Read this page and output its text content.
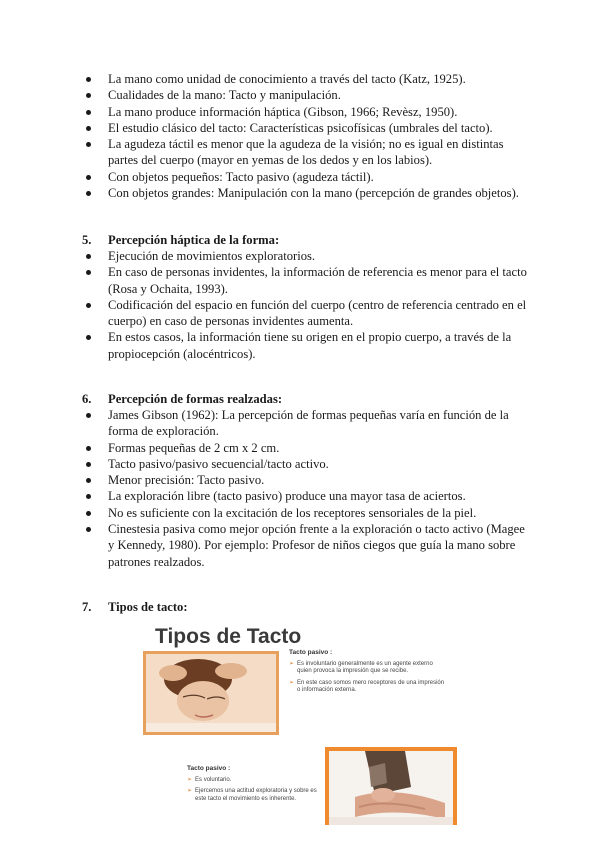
La mano como unidad de conocimiento a través del tacto (Katz, 1925).
Cualidades de la mano: Tacto y manipulación.
La mano produce información háptica (Gibson, 1966; Revèsz, 1950).
El estudio clásico del tacto: Características psicofísicas (umbrales del tacto).
La agudeza táctil es menor que la agudeza de la visión; no es igual en distintas partes del cuerpo (mayor en yemas de los dedos y en los labios).
Con objetos pequeños: Tacto pasivo (agudeza táctil).
Con objetos grandes: Manipulación con la mano (percepción de grandes objetos).
5. Percepción háptica de la forma:
Ejecución de movimientos exploratorios.
En caso de personas invidentes, la información de referencia es menor para el tacto (Rosa y Ochaita, 1993).
Codificación del espacio en función del cuerpo (centro de referencia centrado en el cuerpo) en caso de personas invidentes aumenta.
En estos casos, la información tiene su origen en el propio cuerpo, a través de la propiocepción (alocéntricos).
6. Percepción de formas realzadas:
James Gibson (1962): La percepción de formas pequeñas varía en función de la forma de exploración.
Formas pequeñas de 2 cm x 2 cm.
Tacto pasivo/pasivo secuencial/tacto activo.
Menor precisión: Tacto pasivo.
La exploración libre (tacto pasivo) produce una mayor tasa de aciertos.
No es suficiente con la excitación de los receptores sensoriales de la piel.
Cinestesia pasiva como mejor opción frente a la exploración o tacto activo (Magee y Kennedy, 1980). Por ejemplo: Profesor de niños ciegos que guía la mano sobre patrones realzados.
7. Tipos de tacto:
Tipos de Tacto
Tacto pasivo :
➢ Es involuntario generalmente es un agente externo quien provoca la impresión que se recibe.
➢ En este caso somos mero receptores de una impresión o información externa.
Tacto pasivo :
➢ Es voluntario.
➢ Ejercemos una actitud exploratoria y sobre es este tacto el movimiento es inherente.
